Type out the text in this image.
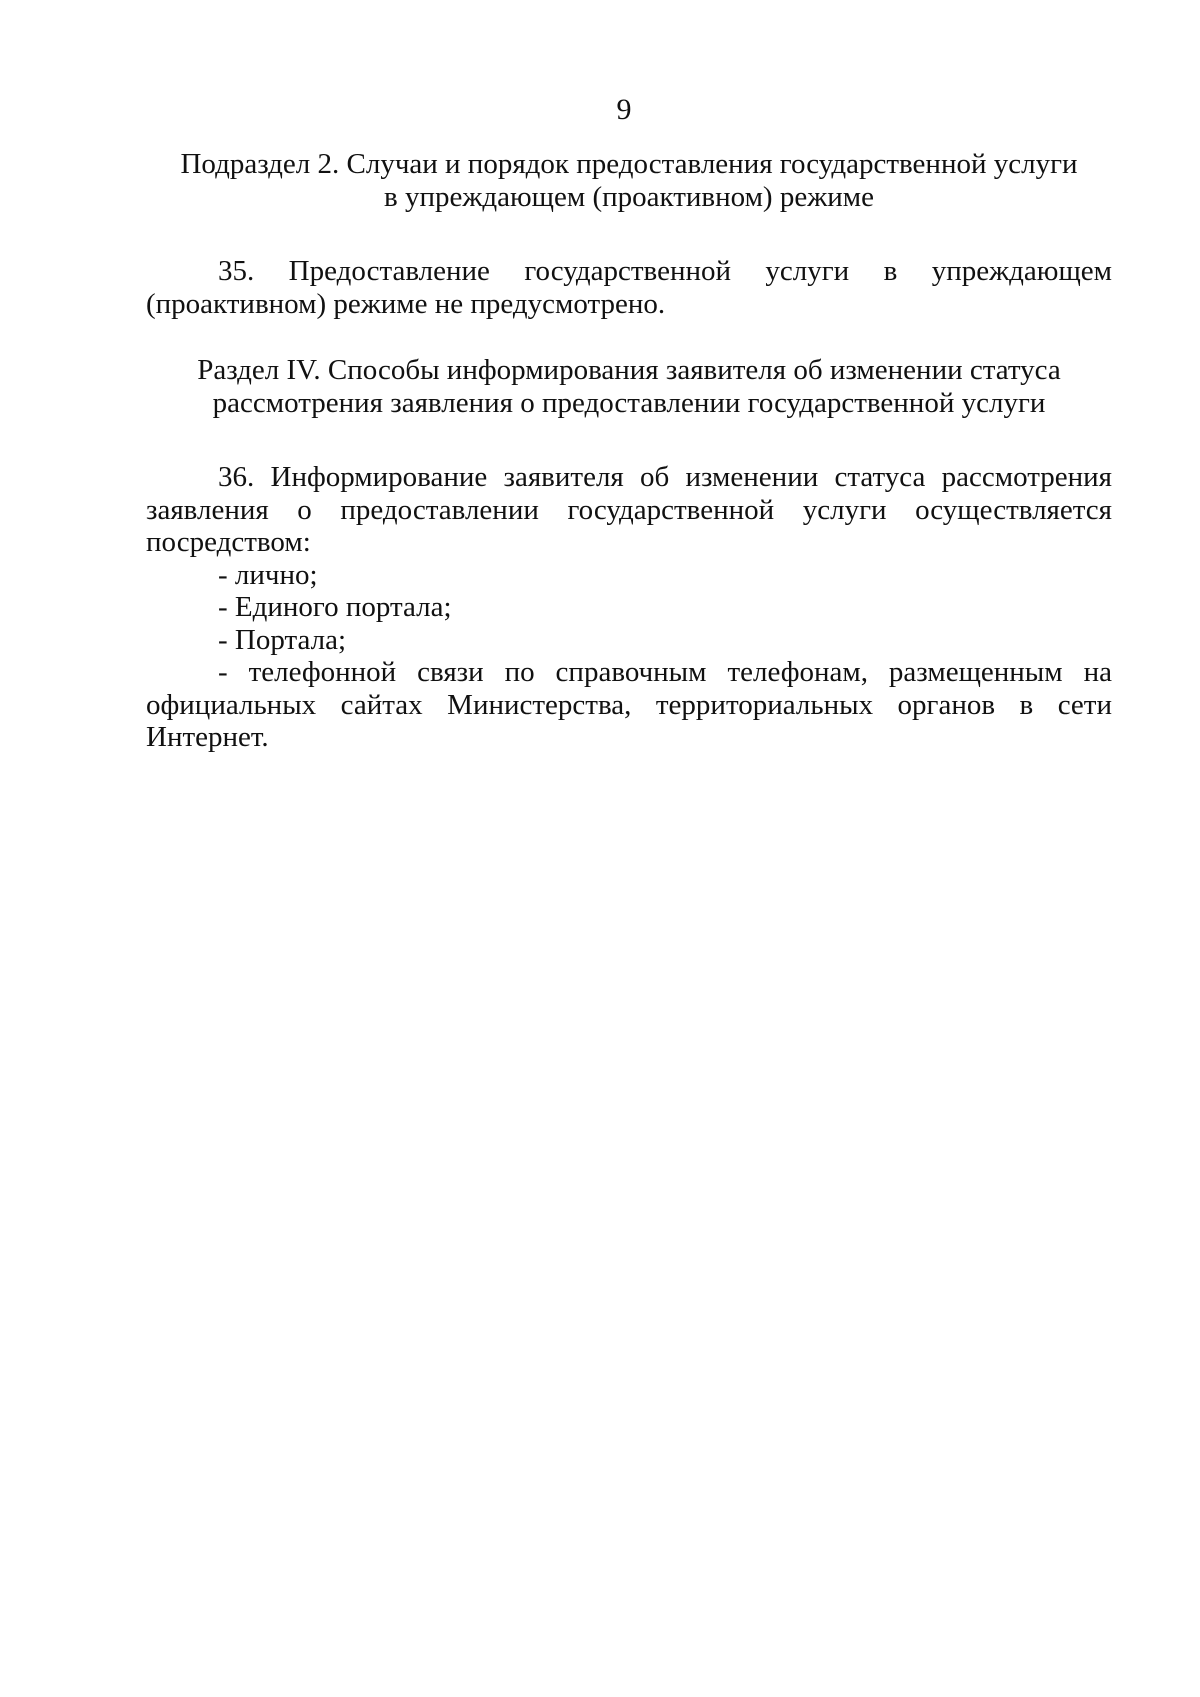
9

Подраздел 2. Случаи и порядок предоставления государственной услуги
в упреждающем (проактивном) режиме

35. Предоставление государственной услуги в упреждающем (проактивном) режиме не предусмотрено.

Раздел IV. Способы информирования заявителя об изменении статуса
рассмотрения заявления о предоставлении государственной услуги

36. Информирование заявителя об изменении статуса рассмотрения заявления о предоставлении государственной услуги осуществляется посредством:

- лично;

- Единого портала;

- Портала;

- телефонной связи по справочным телефонам, размещенным на официальных сайтах Министерства, территориальных органов в сети Интернет.
